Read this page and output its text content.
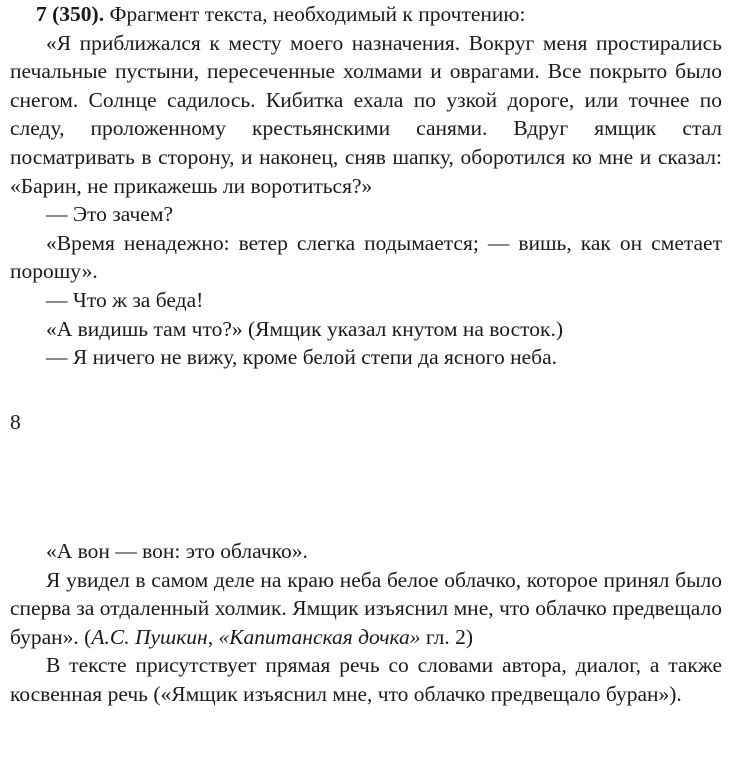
7 (350). Фрагмент текста, необходимый к прочтению:

«Я приближался к месту моего назначения. Вокруг меня простирались печальные пустыни, пересеченные холмами и оврагами. Все покрыто было снегом. Солнце садилось. Кибитка ехала по узкой дороге, или точнее по следу, проложенному крестьянскими санями. Вдруг ямщик стал посматривать в сторону, и наконец, сняв шапку, оборотился ко мне и сказал: «Барин, не прикажешь ли воротиться?»

— Это зачем?

«Время ненадежно: ветер слегка подымается; — вишь, как он сметает порошу».

— Что ж за беда!

«А видишь там что?» (Ямщик указал кнутом на восток.)

— Я ничего не вижу, кроме белой степи да ясного неба.

8

«А вон — вон: это облачко».

Я увидел в самом деле на краю неба белое облачко, которое принял было сперва за отдаленный холмик. Ямщик изъяснил мне, что облачко предвещало буран». (А.С. Пушкин, «Капитанская дочка» гл. 2)

В тексте присутствует прямая речь со словами автора, диалог, а также косвенная речь («Ямщик изъяснил мне, что облачко предвещало буран»).
